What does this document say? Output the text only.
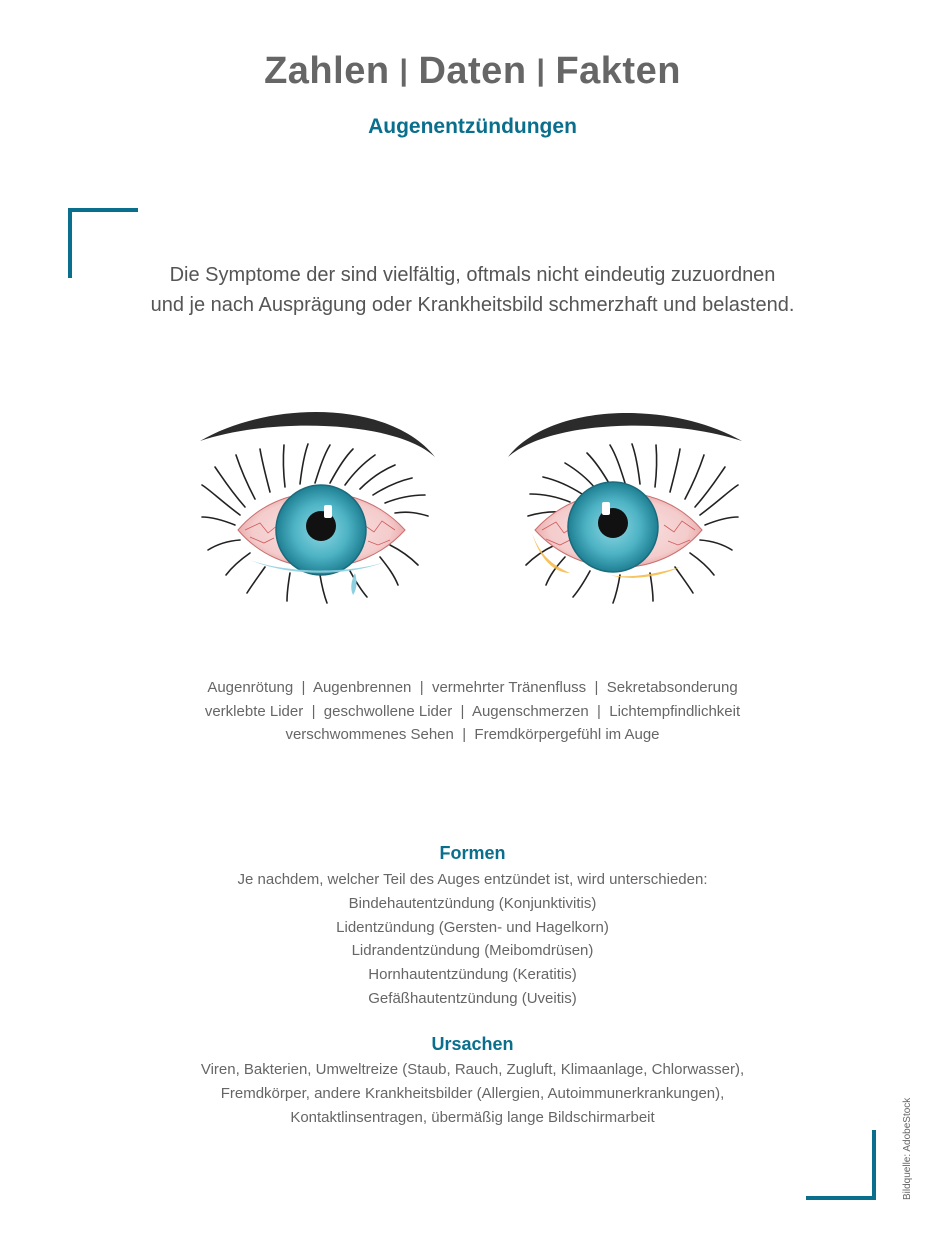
Zahlen | Daten | Fakten
Augenentzündungen
Die Symptome der sind vielfältig, oftmals nicht eindeutig zuzuordnen
und je nach Ausprägung oder Krankheitsbild schmerzhaft und belastend.
Augenrötung  |  Augenbrennen  |  vermehrter Tränenfluss  |  Sekretabsonderung
verklebte Lider  |  geschwollene Lider  |  Augenschmerzen  |  Lichtempfindlichkeit
verschwommenes Sehen  |  Fremdkörpergefühl im Auge
Formen
Je nachdem, welcher Teil des Auges entzündet ist, wird unterschieden:
Bindehautentzündung (Konjunktivitis)
Lidentzündung (Gersten- und Hagelkorn)
Lidrandentzündung (Meibomdrüsen)
Hornhautentzündung (Keratitis)
Gefäßhautentzündung (Uveitis)
Ursachen
Viren, Bakterien, Umweltreize (Staub, Rauch, Zugluft, Klimaanlage, Chlorwasser),
Fremdkörper, andere Krankheitsbilder (Allergien, Autoimmunerkrankungen),
Kontaktlinsentragen, übermäßig lange Bildschirmarbeit	Bildquelle: AdobeStock
